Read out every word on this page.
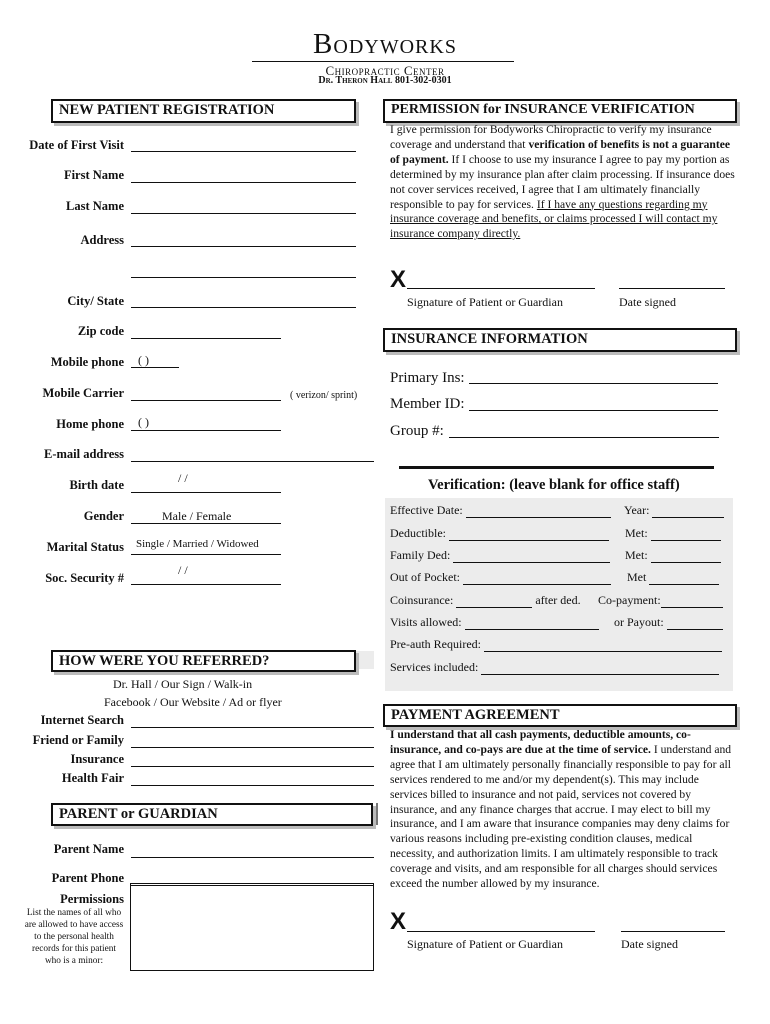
Bodyworks
Chiropractic Center
Dr. Theron Hall 801-302-0301
NEW PATIENT REGISTRATION
Date of First Visit
First Name
Last Name
Address
City/ State
Zip code
Mobile phone ( )
Mobile Carrier	( verizon/ sprint)
Home phone ( )
E-mail address
Birth date	/ /
Gender	Male / Female
Marital Status Single / Married / Widowed
Soc. Security #
/ /
HOW WERE YOU REFERRED?
Dr. Hall / Our Sign / Walk-in
Facebook / Our Website / Ad or flyer
Internet Search
Friend or Family
Insurance
Health Fair
PARENT or GUARDIAN
Parent Name
Parent Phone
Permissions
List the names of all who are allowed to have access to the personal health records for this patient who is a minor:
PERMISSION for INSURANCE VERIFICATION
I give permission for Bodyworks Chiropractic to verify my insurance coverage and understand that verification of benefits is not a guarantee of payment. If I choose to use my insurance I agree to pay my portion as determined by my insurance plan after claim processing. If insurance does not cover services received, I agree that I am ultimately financially responsible to pay for services. If I have any questions regarding my insurance coverage and benefits, or claims processed I will contact my insurance company directly.
X
Signature of Patient or Guardian	Date signed
INSURANCE INFORMATION
Primary Ins:
Member ID:
Group #:
Verification: (leave blank for office staff)
Effective Date:	Year:
Deductible:	Met:
Family Ded:	Met:
Out of Pocket:	Met
Coinsurance:	after ded. Co-payment:
Visits allowed:	or Payout:
Pre-auth Required:
Services included:
PAYMENT AGREEMENT
I understand that all cash payments, deductible amounts, co-insurance, and co-pays are due at the time of service. I understand and agree that I am ultimately personally financially responsible to pay for all services rendered to me and/or my dependent(s). This may include services billed to insurance and not paid, services not covered by insurance, and any finance charges that accrue. I may elect to bill my insurance, and I am aware that insurance companies may deny claims for various reasons including pre-existing condition clauses, medical necessity, and authorization limits. I am ultimately responsible to track coverage and visits, and am responsible for all charges should services exceed the number allowed by my insurance.
X
Signature of Patient or Guardian	Date signed
